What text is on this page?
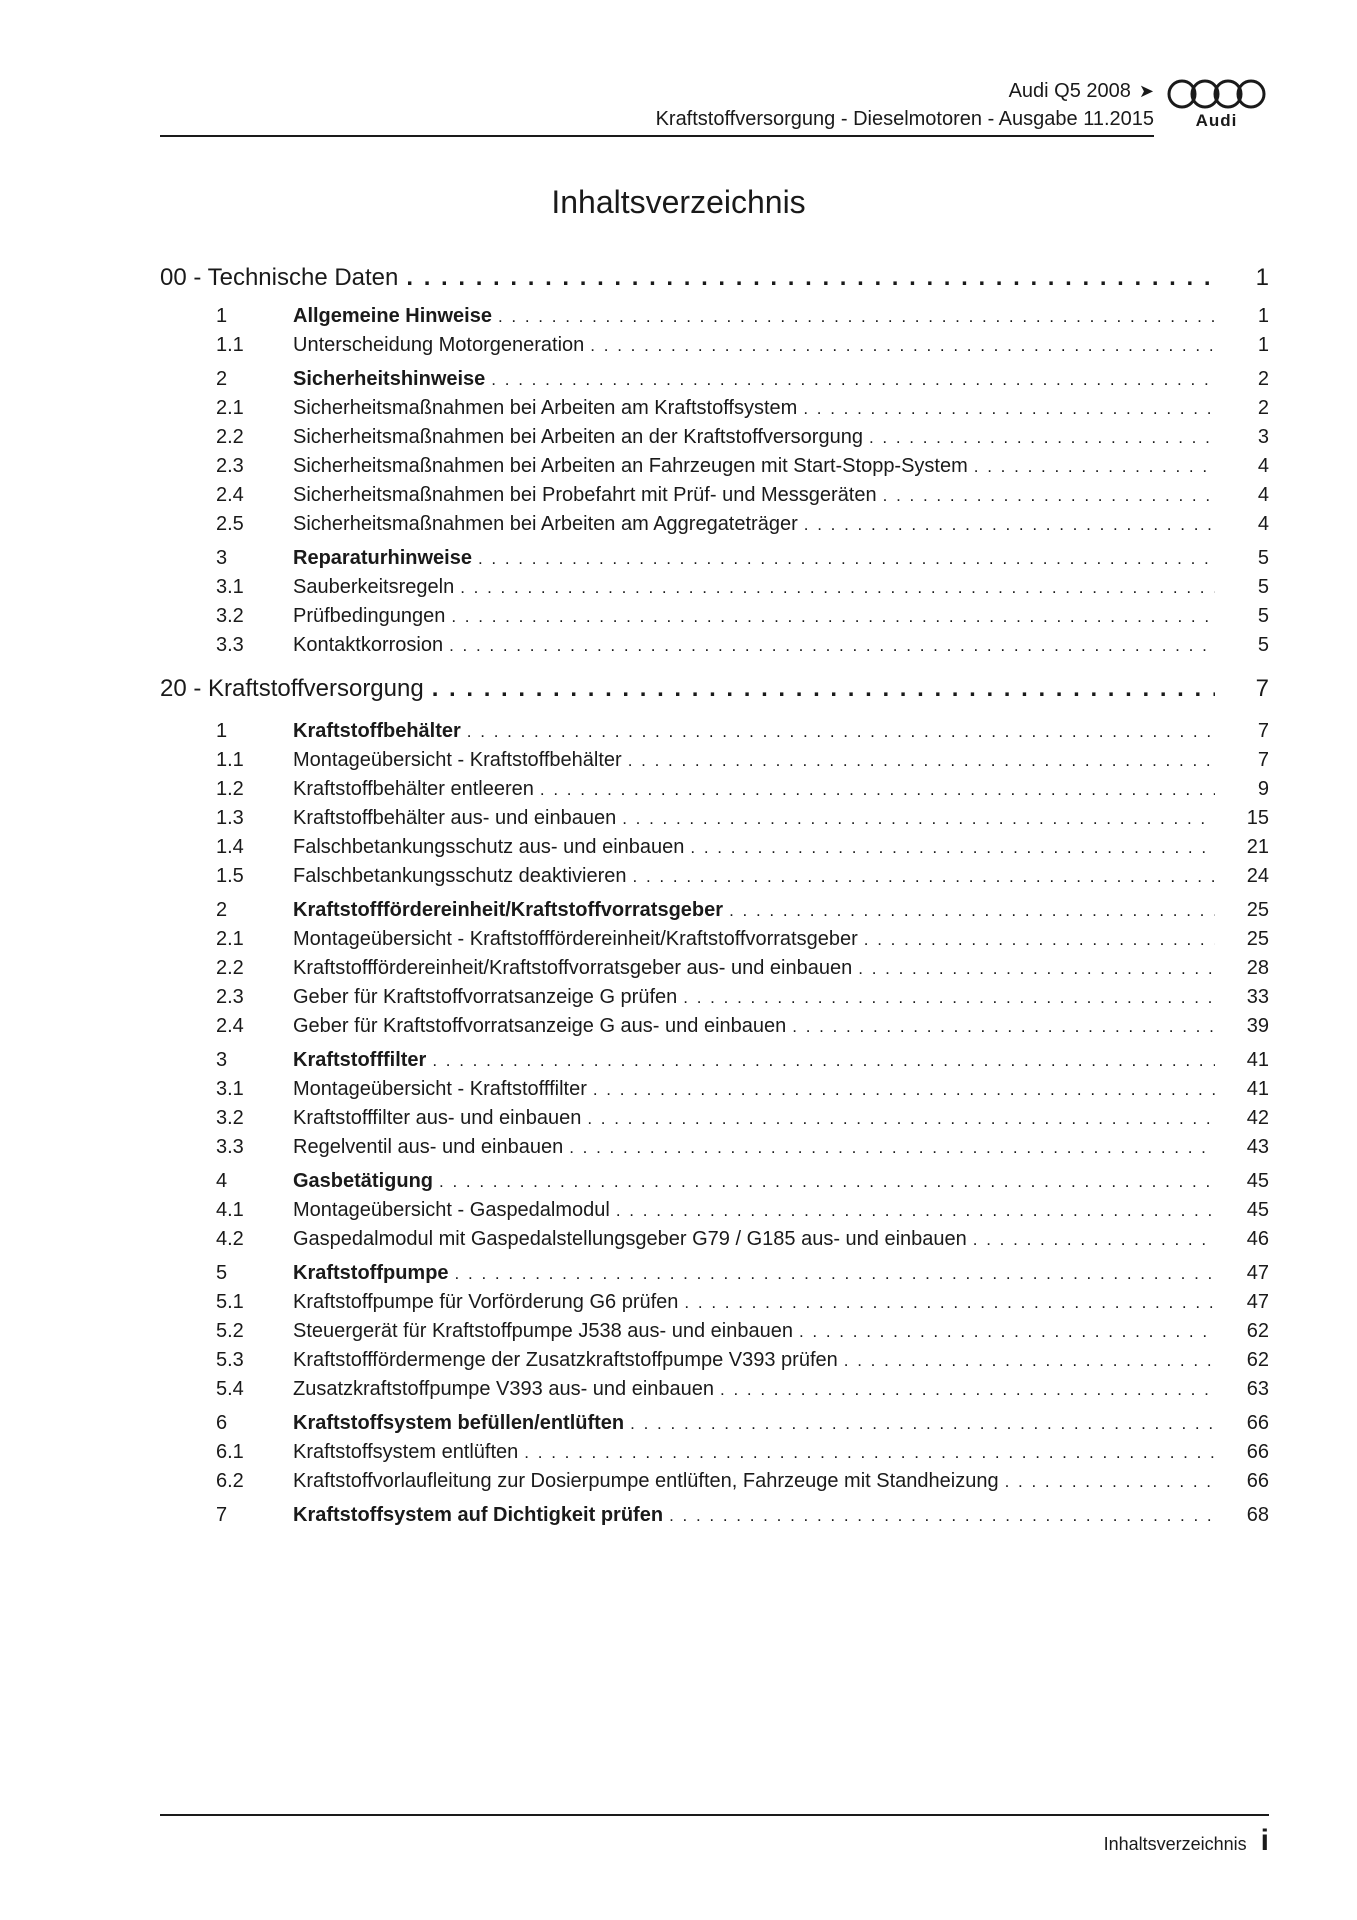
Audi Q5 2008 ➤
Kraftstoffversorgung - Dieselmotoren - Ausgabe 11.2015	Audi
Inhaltsverzeichnis
00 - Technische Daten . . .	1
1	Allgemeine Hinweise . . .	1
1.1	Unterscheidung Motorgeneration . . .	1
2	Sicherheitshinweise . . .	2
2.1	Sicherheitsmaßnahmen bei Arbeiten am Kraftstoffsystem . . .	2
2.2	Sicherheitsmaßnahmen bei Arbeiten an der Kraftstoffversorgung . . .	3
2.3	Sicherheitsmaßnahmen bei Arbeiten an Fahrzeugen mit Start-Stopp-System . . .	4
2.4	Sicherheitsmaßnahmen bei Probefahrt mit Prüf- und Messgeräten . . .	4
2.5	Sicherheitsmaßnahmen bei Arbeiten am Aggregateträger . . .	4
3	Reparaturhinweise . . .	5
3.1	Sauberkeitsregeln . . .	5
3.2	Prüfbedingungen . . .	5
3.3	Kontaktkorrosion . . .	5
20 - Kraftstoffversorgung . . .	7
1	Kraftstoffbehälter . . .	7
1.1	Montageübersicht - Kraftstoffbehälter . . .	7
1.2	Kraftstoffbehälter entleeren . . .	9
1.3	Kraftstoffbehälter aus- und einbauen . . .	15
1.4	Falschbetankungsschutz aus- und einbauen . . .	21
1.5	Falschbetankungsschutz deaktivieren . . .	24
2	Kraftstofffördereinheit/Kraftstoffvorratsgeber . . .	25
2.1	Montageübersicht - Kraftstofffördereinheit/Kraftstoffvorratsgeber . . .	25
2.2	Kraftstofffördereinheit/Kraftstoffvorratsgeber aus- und einbauen . . .	28
2.3	Geber für Kraftstoffvorratsanzeige G prüfen . . .	33
2.4	Geber für Kraftstoffvorratsanzeige G aus- und einbauen . . .	39
3	Kraftstofffilter . . .	41
3.1	Montageübersicht - Kraftstofffilter . . .	41
3.2	Kraftstofffilter aus- und einbauen . . .	42
3.3	Regelventil aus- und einbauen . . .	43
4	Gasbetätigung . . .	45
4.1	Montageübersicht - Gaspedalmodul . . .	45
4.2	Gaspedalmodul mit Gaspedalstellungsgeber G79 / G185 aus- und einbauen . . .	46
5	Kraftstoffpumpe . . .	47
5.1	Kraftstoffpumpe für Vorförderung G6 prüfen . . .	47
5.2	Steuergerät für Kraftstoffpumpe J538 aus- und einbauen . . .	62
5.3	Kraftstofffördermenge der Zusatzkraftstoffpumpe V393 prüfen . . .	62
5.4	Zusatzkraftstoffpumpe V393 aus- und einbauen . . .	63
6	Kraftstoffsystem befüllen/entlüften . . .	66
6.1	Kraftstoffsystem entlüften . . .	66
6.2	Kraftstoffvorlaufleitung zur Dosierpumpe entlüften, Fahrzeuge mit Standheizung . . .	66
7	Kraftstoffsystem auf Dichtigkeit prüfen . . .	68
Inhaltsverzeichnis i
